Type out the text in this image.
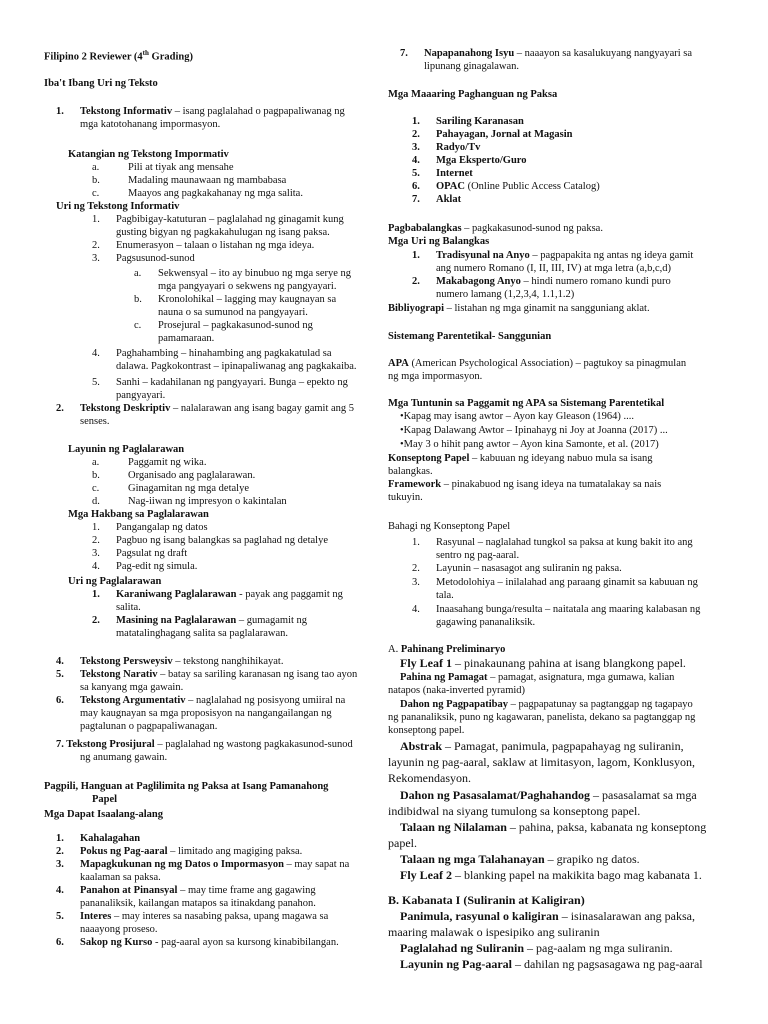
Filipino 2 Reviewer (4th Grading)
Iba't Ibang Uri ng Teksto
1. Tekstong Informativ – isang paglalahad o pagpapaliwanag ng
mga katotohanang impormasyon.
Katangian ng Tekstong Impormativ
a.	Pili at tiyak ang mensahe
b.	Madaling maunawaan ng mambabasa
c.	Maayos ang pagkakahanay ng mga salita.
Uri ng Tekstong Informativ
1. Pagbibigay-katuturan – paglalahad ng ginagamit kung
gusting bigyan ng pagkakahulugan ng isang paksa.
2. Enumerasyon – talaan o listahan ng mga ideya.
3. Pagsusunod-sunod
a. Sekwensyal – ito ay binubuo ng mga serye ng
mga pangyayari o sekwens ng pangyayari.
b. Kronolohikal – lagging may kaugnayan sa
naunа o sa sumunod na pangyayari.
c. Prosejural – pagkakasunod-sunod ng
pamamaraan.
4. Paghahambing – hinahambing ang pagkakatulad sa
dalawa. Pagkokontrast – ipinapaliwanag ang pagkakaiba.
5. Sanhi – kadahilanan ng pangyayari. Bunga – epekto ng
pangyayari.
2. Tekstong Deskriptiv – nalalarawan ang isang bagay gamit ang 5
senses.
Layunin ng Paglalarawan
a.	Paggamit ng wika.
b.	Organisado ang paglalarawan.
c.	Ginagamitan ng mga detalye
d.	Nag-iiwan ng impresyon o kakintalan
Mga Hakbang sa Paglalarawan
1. Pangangalap ng datos
2. Pagbuo ng isang balangkas sa paglahad ng detalye
3. Pagsulat ng draft
4. Pag-edit ng simula.
Uri ng Paglalarawan
1. Karaniwang Paglalarawan - payak ang paggamit ng
salita.
2. Masining na Paglalarawan – gumagamit ng
matatalinghagang salita sa paglalarawan.
4. Tekstong Persweysiv – tekstong nanghihikayat.
5. Tekstong Narativ – batay sa sariling karanasan ng isang tao ayon
sa kanyang mga gawain.
6. Tekstong Argumentativ – naglalahad ng posisyong umiiral na
may kaugnayan sa mga proposisyon na nangangailangan ng
pagtalunan o pagpapaliwanagan.
7. Tekstong Prosijural – paglalahad ng wastong pagkakasunod-sunod
ng anumang gawain.
Pagpili, Hanguan at Paglilimita ng Paksa at Isang Pamanahong
Papel
Mga Dapat Isaalang-alang
1. Kahalagahan
2. Pokus ng Pag-aaral – limitado ang magiging paksa.
3. Mapagkukunan ng mg Datos o Impormasyon – may sapat na
kaalaman sa paksa.
4. Panahon at Pinansyal – may time frame ang gagawing
pananaliksik, kailangan matapos sa itinakdang panahon.
5. Interes – may interes sa nasabing paksa, upang magawa sa
naaayong proseso.
6. Sakop ng Kurso - pag-aaral ayon sa kursong kinabibilangan.
7. Napapanahong Isyu – naaayon sa kasalukuyang nangyayari sa
lipunang ginagalawan.
Mga Maaaring Paghanguan ng Paksa
1. Sariling Karanasan
2. Pahayagan, Jornal at Magasin
3. Radyo/Tv
4. Mga Eksperto/Guro
5. Internet
6. OPAC (Online Public Access Catalog)
7. Aklat
Pagbabalangkas – pagkakasunod-sunod ng paksa.
Mga Uri ng Balangkas
1. Tradisyunal na Anyo – pagpapakita ng antas ng ideya gamit
ang numero Romano (I, II, III, IV) at mga letra (a,b,c,d)
2. Makabagong Anyo – hindi numero romano kundi puro
numero lamang (1,2,3,4, 1.1,1.2)
Bibliyograpi – listahan ng mga ginamit na sangguniang aklat.
Sistemang Parentetikal- Sanggunian
APA (American Psychological Association) – pagtukoy sa pinagmulan
ng mga impormasyon.
Mga Tuntunin sa Paggamit ng APA sa Sistemang Parentetikal
•Kapag may isang awtor – Ayon kay Gleason (1964) ....
•Kapag Dalawang Awtor – Ipinahayg ni Joy at Joanna (2017) ...
•May 3 o hihit pang awtor – Ayon kina Samonte, et al. (2017)
Konseptong Papel – kabuuan ng ideyang nabuo mula sa isang
balangkas.
Framework – pinakabuod ng isang ideya na tumatalakay sa nais
tukuyin.
Bahagi ng Konseptong Papel
1. Rasyunal – naglalahad tungkol sa paksa at kung bakit ito ang
sentro ng pag-aaral.
2. Layunin – nasasagot ang suliranin ng paksa.
3. Metodolohiya – inilalahad ang paraang ginamit sa kabuuan ng
tala.
4. Inaasahang bunga/resulta – naitatala ang maaring kalabasan ng
gagawing pananaliksik.
A. Pahinang Preliminaryo
Fly Leaf 1 – pinakaunang pahina at isang blangkong papel.
Pahina ng Pamagat – pamagat, asignatura, mga gumawa, kalian
natapos (naka-inverted pyramid)
Dahon ng Pagpapatibay – pagpapatunay sa pagtanggap ng tagapayo
ng pananaliksik, puno ng kagawaran, panelista, dekano sa pagtanggap ng
konseptong papel.
Abstrak – Pamagat, panimula, pagpapahayag ng suliranin,
layunin ng pag-aaral, saklaw at limitasyon, lagom, Konklusyon,
Rekomendasyon.
Dahon ng Pasasalamat/Paghahandog – pasasalamat sa mga
indibidwal na siyang tumulong sa konseptong papel.
Talaan ng Nilalaman – pahina, paksa, kabanata ng konseptong
papel.
Talaan ng mga Talahanayan – grapiko ng datos.
Fly Leaf 2 – blanking papel na makikita bago mag kabanata 1.
B. Kabanata I (Suliranin at Kaligiran)
Panimula, rasyunal o kaligiran – isinasalarawan ang paksa,
maaring malawak o ispesipiko ang suliranin
Paglalahad ng Suliranin – pag-aalam ng mga suliranin.
Layunin ng Pag-aaral – dahilan ng pagsasagawa ng pag-aaral
